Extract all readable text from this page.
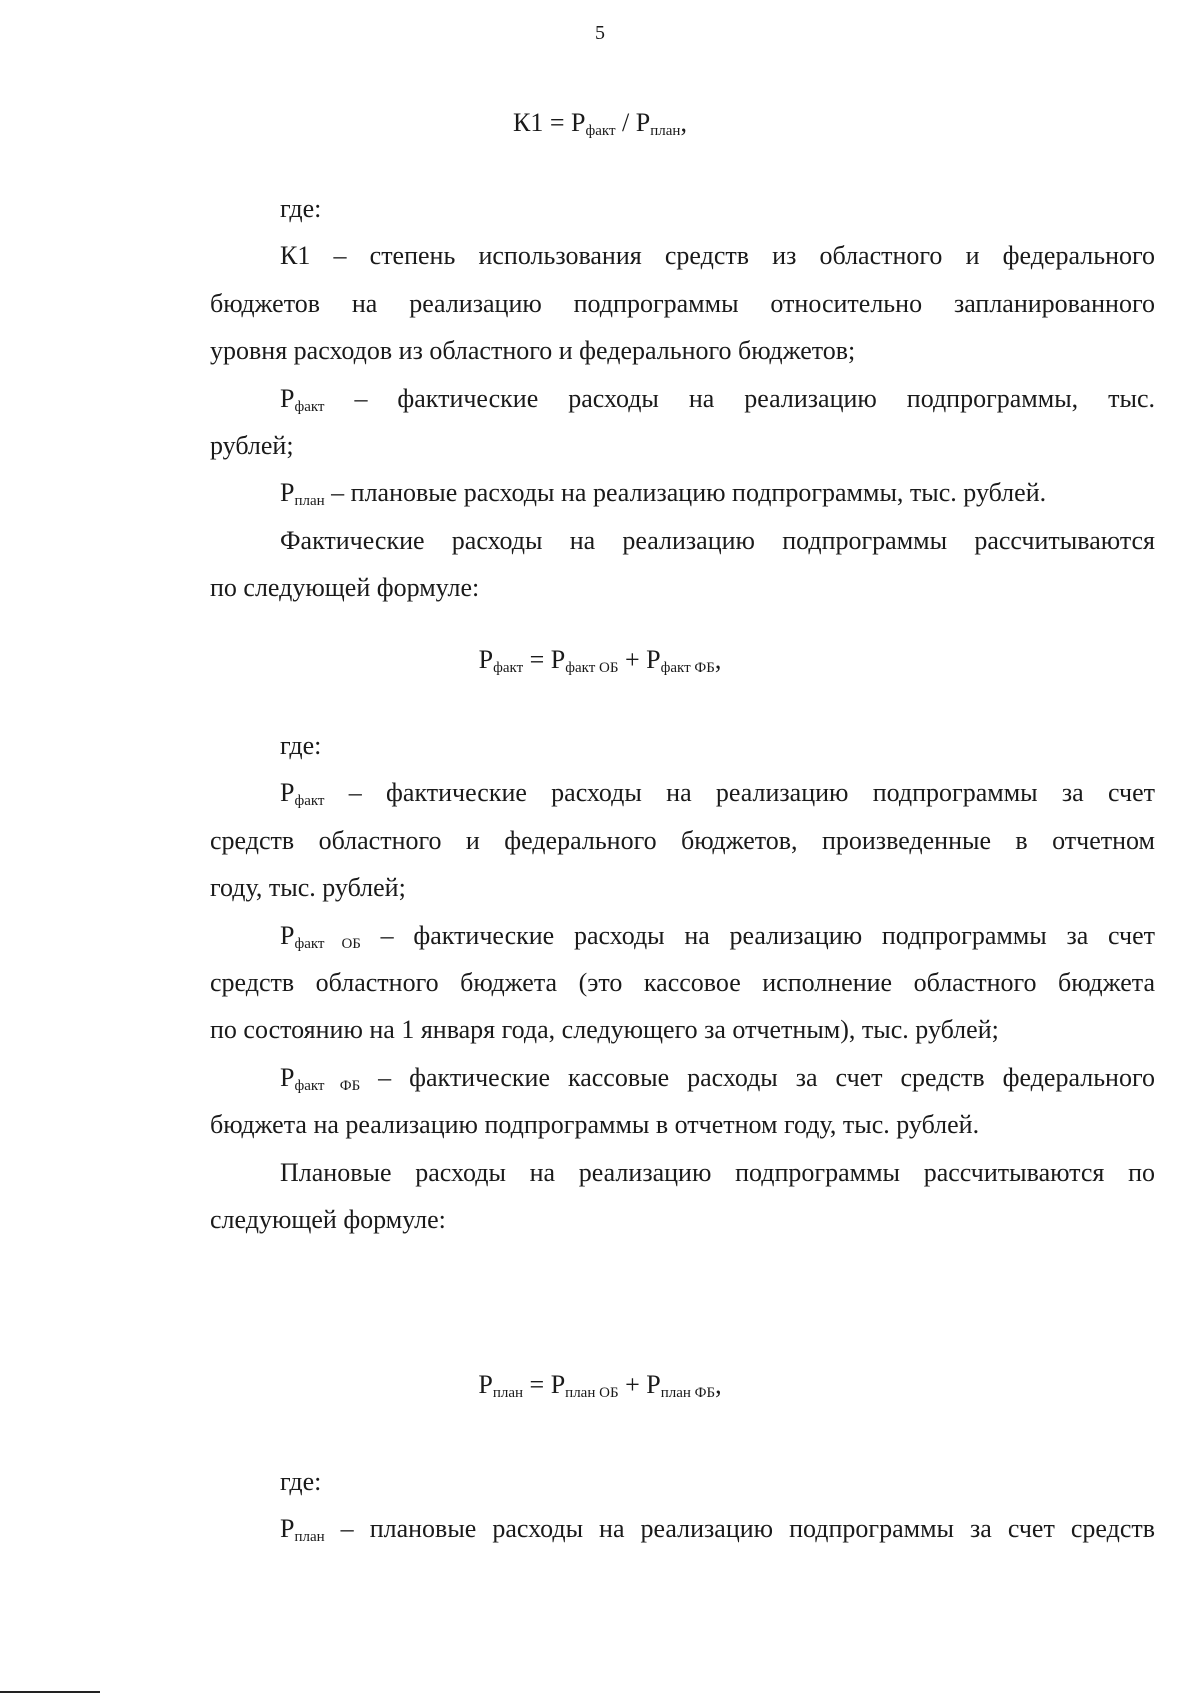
5
$К1 = Р_{факт} / Р_{план}$,

где:

К1 – степень использования средств из областного и федерального
бюджетов на реализацию подпрограммы относительно запланированного
уровня расходов из областного и федерального бюджетов;

$Р_{факт}$ – фактические расходы на реализацию подпрограммы, тыс.
рублей;

$Р_{план}$ – плановые расходы на реализацию подпрограммы, тыс. рублей.

Фактические расходы на реализацию подпрограммы рассчитываются
по следующей формуле:

$Р_{факт} = Р_{факт ОБ} + Р_{факт ФБ}$,

где:

$Р_{факт}$ – фактические расходы на реализацию подпрограммы за счет
средств областного и федерального бюджетов, произведенные в отчетном
году, тыс. рублей;

$Р_{факт ОБ}$ – фактические расходы на реализацию подпрограммы за счет
средств областного бюджета (это кассовое исполнение областного бюджета
по состоянию на 1 января года, следующего за отчетным), тыс. рублей;

$Р_{факт ФБ}$ – фактические кассовые расходы за счет средств федерального
бюджета на реализацию подпрограммы в отчетном году, тыс. рублей.

Плановые расходы на реализацию подпрограммы рассчитываются по
следующей формуле:

$Р_{план} = Р_{план ОБ} + Р_{план ФБ}$,

где:

$Р_{план}$ – плановые расходы на реализацию подпрограммы за счет средств
